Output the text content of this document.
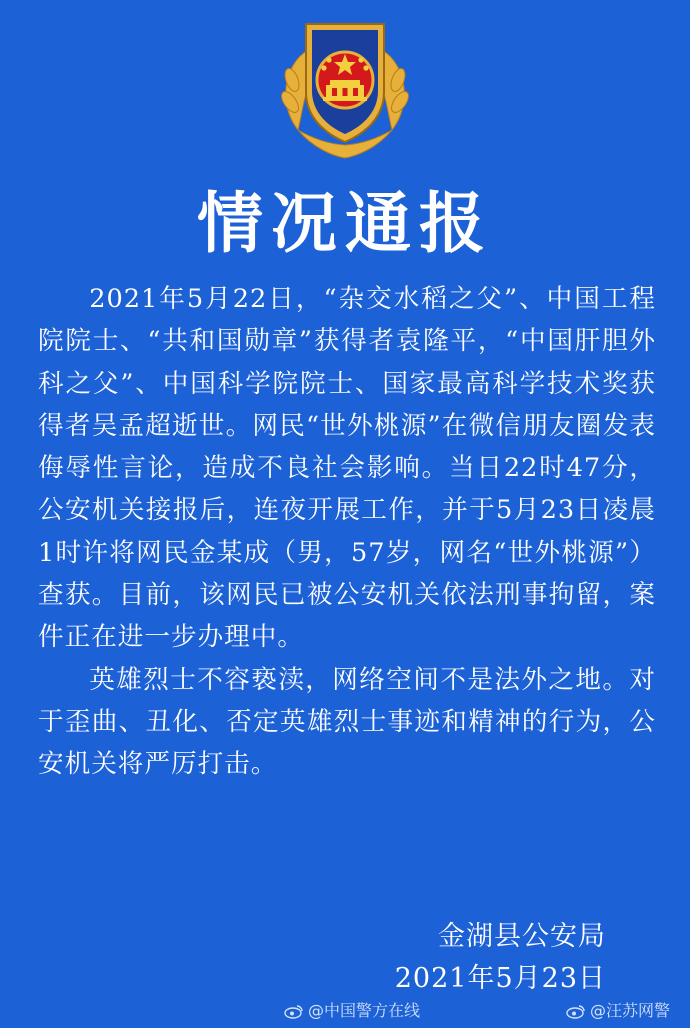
情况通报

2021年5月22日，“杂交水稻之父”、中国工程院院士、“共和国勋章”获得者袁隆平，“中国肝胆外科之父”、中国科学院院士、国家最高科学技术奖获得者吴孟超逝世。网民“世外桃源”在微信朋友圈发表侮辱性言论，造成不良社会影响。当日22时47分，公安机关接报后，连夜开展工作，并于5月23日凌晨1时许将网民金某成（男，57岁，网名“世外桃源”）查获。目前，该网民已被公安机关依法刑事拘留，案件正在进一步办理中。

英雄烈士不容亵渎，网络空间不是法外之地。对于歪曲、丑化、否定英雄烈士事迹和精神的行为，公安机关将严厉打击。

金湖县公安局
2021年5月23日
@中国警方在线	@汪苏网警
